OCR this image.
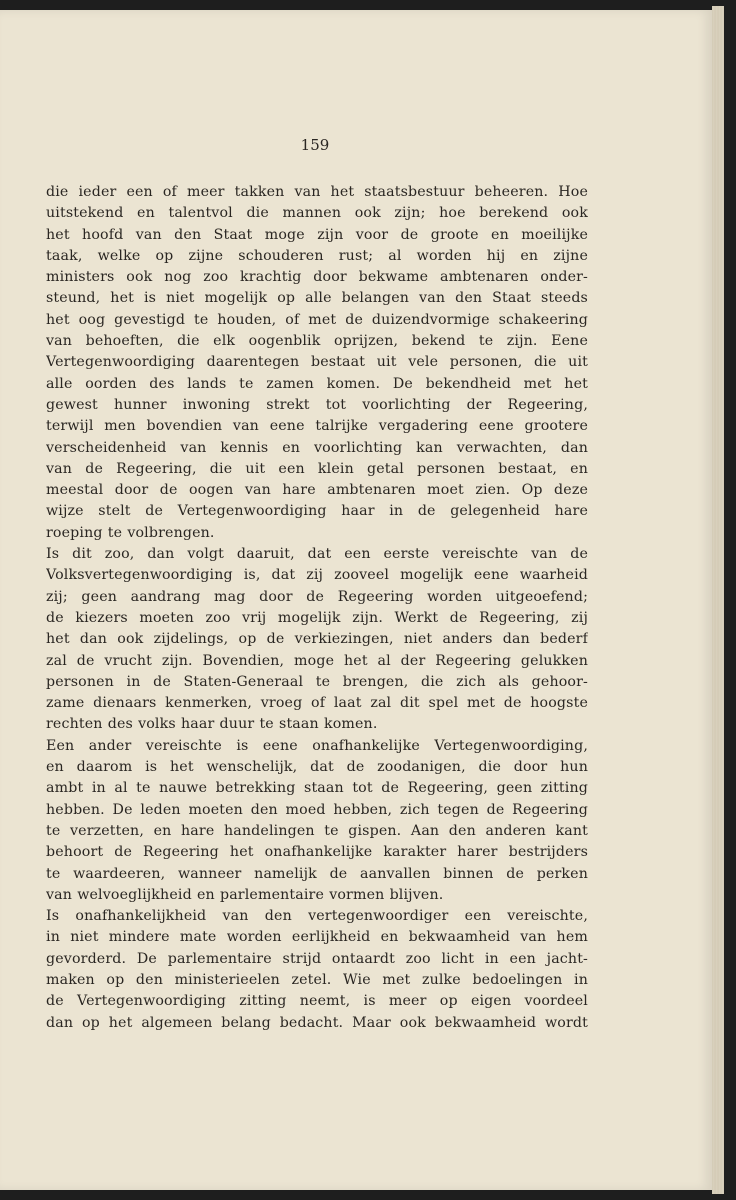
159
die ieder een of meer takken van het staatsbestuur beheeren. Hoe
uitstekend en talentvol die mannen ook zijn; hoe berekend ook
het hoofd van den Staat moge zijn voor de groote en moeilijke
taak, welke op zijne schouderen rust; al worden hij en zijne
ministers ook nog zoo krachtig door bekwame ambtenaren onder-
steund, het is niet mogelijk op alle belangen van den Staat steeds
het oog gevestigd te houden, of met de duizendvormige schakeering
van behoeften, die elk oogenblik oprijzen, bekend te zijn. Eene
Vertegenwoordiging daarentegen bestaat uit vele personen, die uit
alle oorden des lands te zamen komen. De bekendheid met het
gewest hunner inwoning strekt tot voorlichting der Regeering,
terwijl men bovendien van eene talrijke vergadering eene grootere
verscheidenheid van kennis en voorlichting kan verwachten, dan
van de Regeering, die uit een klein getal personen bestaat, en
meestal door de oogen van hare ambtenaren moet zien. Op deze
wijze stelt de Vertegenwoordiging haar in de gelegenheid hare
roeping te volbrengen.
Is dit zoo, dan volgt daaruit, dat een eerste vereischte van de
Volksvertegenwoordiging is, dat zij zooveel mogelijk eene waarheid
zij; geen aandrang mag door de Regeering worden uitgeoefend;
de kiezers moeten zoo vrij mogelijk zijn. Werkt de Regeering, zij
het dan ook zijdelings, op de verkiezingen, niet anders dan bederf
zal de vrucht zijn. Bovendien, moge het al der Regeering gelukken
personen in de Staten-Generaal te brengen, die zich als gehoor-
zame dienaars kenmerken, vroeg of laat zal dit spel met de hoogste
rechten des volks haar duur te staan komen.
Een ander vereischte is eene onafhankelijke Vertegenwoordiging,
en daarom is het wenschelijk, dat de zoodanigen, die door hun
ambt in al te nauwe betrekking staan tot de Regeering, geen zitting
hebben. De leden moeten den moed hebben, zich tegen de Regeering
te verzetten, en hare handelingen te gispen. Aan den anderen kant
behoort de Regeering het onafhankelijke karakter harer bestrijders
te waardeeren, wanneer namelijk de aanvallen binnen de perken
van welvoeglijkheid en parlementaire vormen blijven.
Is onafhankelijkheid van den vertegenwoordiger een vereischte,
in niet mindere mate worden eerlijkheid en bekwaamheid van hem
gevorderd. De parlementaire strijd ontaardt zoo licht in een jacht-
maken op den ministerieelen zetel. Wie met zulke bedoelingen in
de Vertegenwoordiging zitting neemt, is meer op eigen voordeel
dan op het algemeen belang bedacht. Maar ook bekwaamheid wordt
